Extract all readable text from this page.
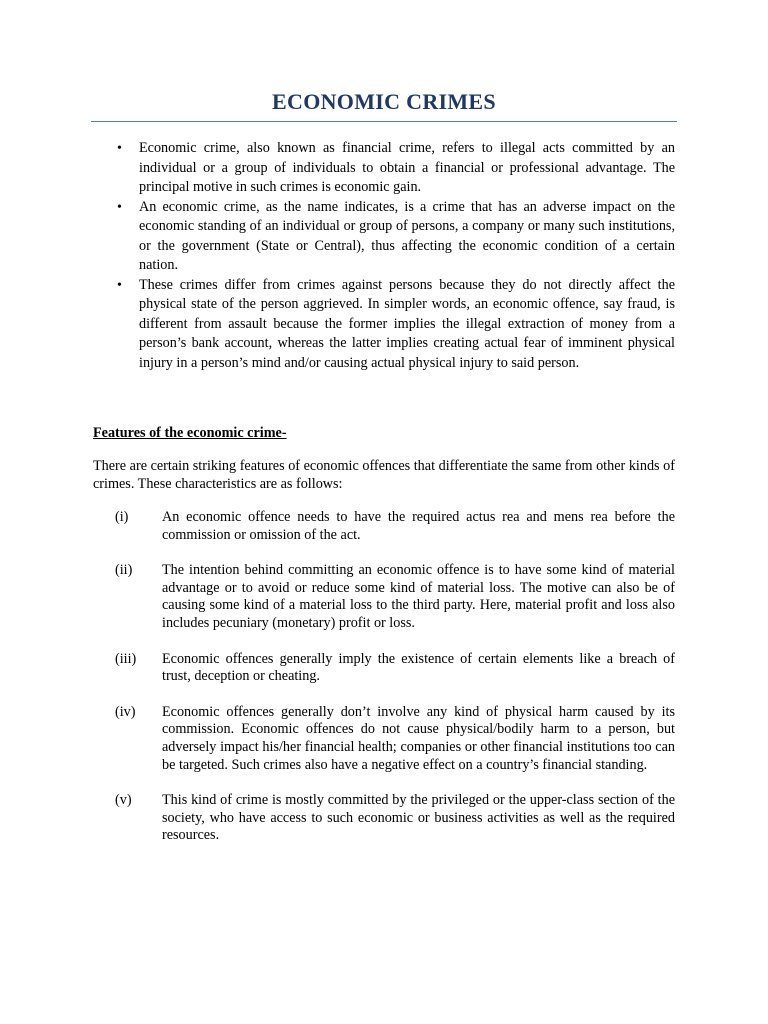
ECONOMIC CRIMES
• Economic crime, also known as financial crime, refers to illegal acts committed by an individual or a group of individuals to obtain a financial or professional advantage. The principal motive in such crimes is economic gain.
• An economic crime, as the name indicates, is a crime that has an adverse impact on the economic standing of an individual or group of persons, a company or many such institutions, or the government (State or Central), thus affecting the economic condition of a certain nation.
• These crimes differ from crimes against persons because they do not directly affect the physical state of the person aggrieved. In simpler words, an economic offence, say fraud, is different from assault because the former implies the illegal extraction of money from a person’s bank account, whereas the latter implies creating actual fear of imminent physical injury in a person’s mind and/or causing actual physical injury to said person.
Features of the economic crime-

There are certain striking features of economic offences that differentiate the same from other kinds of crimes. These characteristics are as follows:

(i) An economic offence needs to have the required actus rea and mens rea before the commission or omission of the act.
(ii) The intention behind committing an economic offence is to have some kind of material advantage or to avoid or reduce some kind of material loss. The motive can also be of causing some kind of a material loss to the third party. Here, material profit and loss also includes pecuniary (monetary) profit or loss.
(iii) Economic offences generally imply the existence of certain elements like a breach of trust, deception or cheating.
(iv) Economic offences generally don’t involve any kind of physical harm caused by its commission. Economic offences do not cause physical/bodily harm to a person, but adversely impact his/her financial health; companies or other financial institutions too can be targeted. Such crimes also have a negative effect on a country’s financial standing.
(v) This kind of crime is mostly committed by the privileged or the upper-class section of the society, who have access to such economic or business activities as well as the required resources.
